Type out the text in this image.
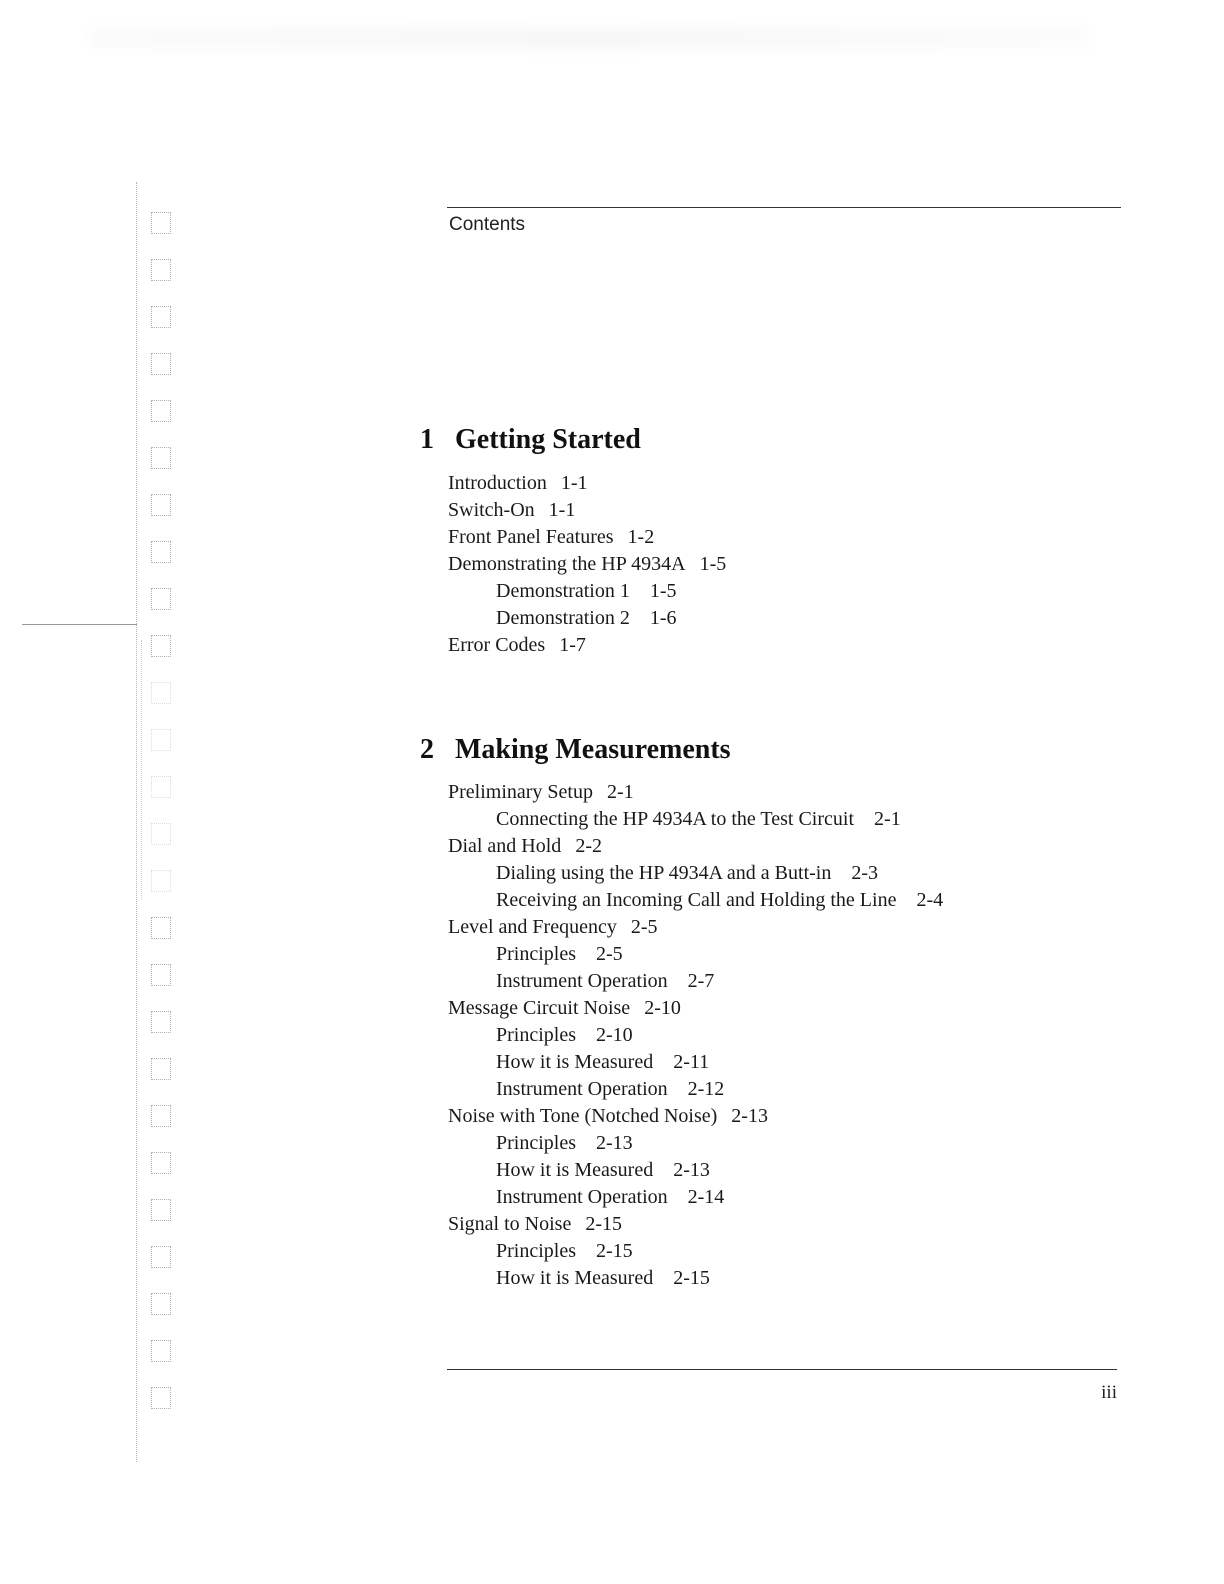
Contents
1 Getting Started
Introduction 1-1
Switch-On 1-1
Front Panel Features 1-2
Demonstrating the HP 4934A 1-5
Demonstration 1 1-5
Demonstration 2 1-6
Error Codes 1-7
2 Making Measurements
Preliminary Setup 2-1
Connecting the HP 4934A to the Test Circuit 2-1
Dial and Hold 2-2
Dialing using the HP 4934A and a Butt-in 2-3
Receiving an Incoming Call and Holding the Line 2-4
Level and Frequency 2-5
Principles 2-5
Instrument Operation 2-7
Message Circuit Noise 2-10
Principles 2-10
How it is Measured 2-11
Instrument Operation 2-12
Noise with Tone (Notched Noise) 2-13
Principles 2-13
How it is Measured 2-13
Instrument Operation 2-14
Signal to Noise 2-15
Principles 2-15
How it is Measured 2-15
iii
